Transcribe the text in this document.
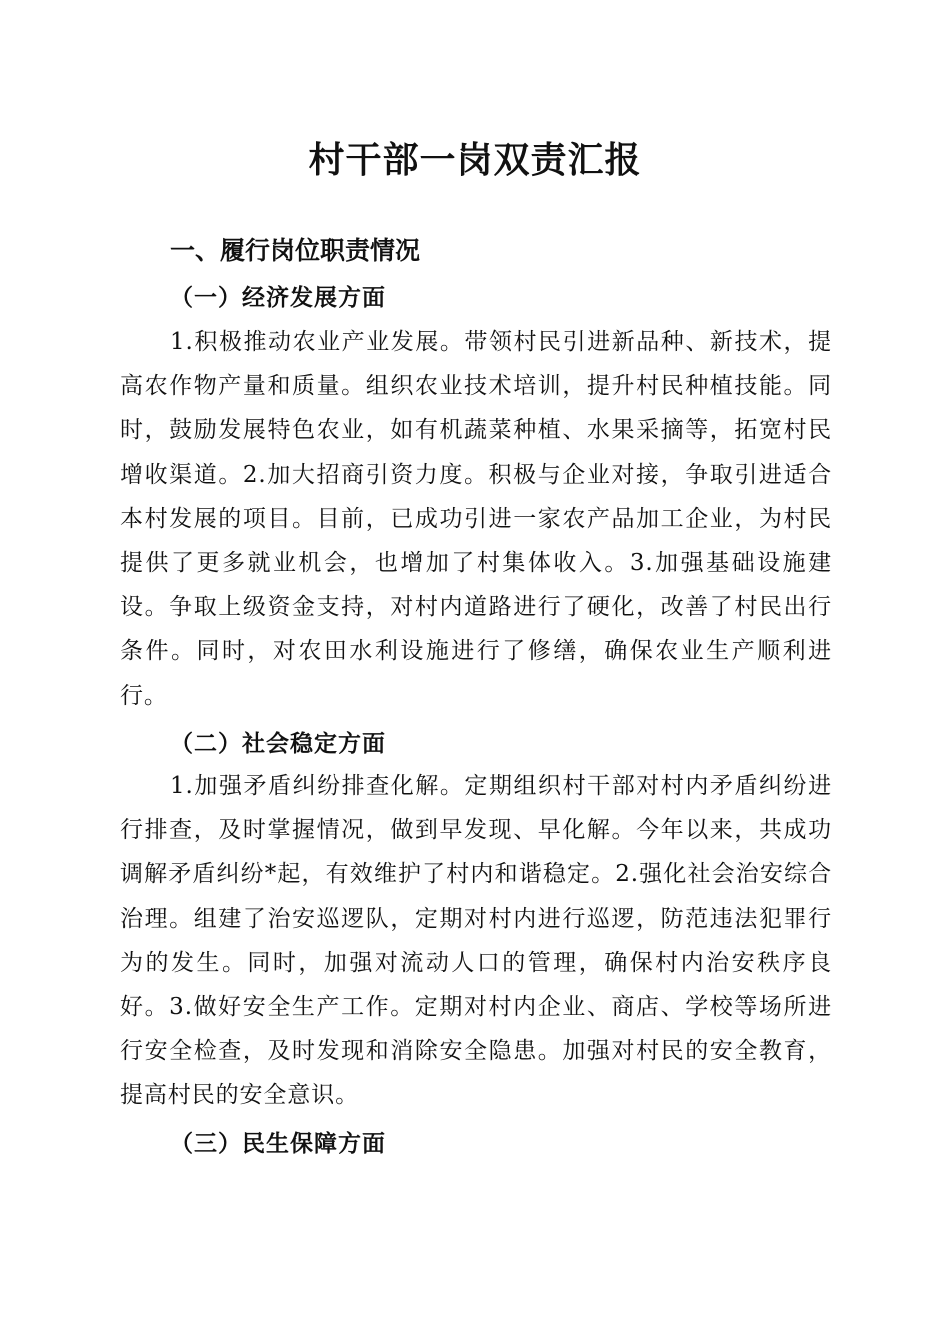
村干部一岗双责汇报
一、履行岗位职责情况
（一）经济发展方面

1.积极推动农业产业发展。带领村民引进新品种、新技术，提高农作物产量和质量。组织农业技术培训，提升村民种植技能。同时，鼓励发展特色农业，如有机蔬菜种植、水果采摘等，拓宽村民增收渠道。2.加大招商引资力度。积极与企业对接，争取引进适合本村发展的项目。目前，已成功引进一家农产品加工企业，为村民提供了更多就业机会，也增加了村集体收入。3.加强基础设施建设。争取上级资金支持，对村内道路进行了硬化，改善了村民出行条件。同时，对农田水利设施进行了修缮，确保农业生产顺利进行。

（二）社会稳定方面

1.加强矛盾纠纷排查化解。定期组织村干部对村内矛盾纠纷进行排查，及时掌握情况，做到早发现、早化解。今年以来，共成功调解矛盾纠纷*起，有效维护了村内和谐稳定。2.强化社会治安综合治理。组建了治安巡逻队，定期对村内进行巡逻，防范违法犯罪行为的发生。同时，加强对流动人口的管理，确保村内治安秩序良好。3.做好安全生产工作。定期对村内企业、商店、学校等场所进行安全检查，及时发现和消除安全隐患。加强对村民的安全教育，提高村民的安全意识。

（三）民生保障方面
